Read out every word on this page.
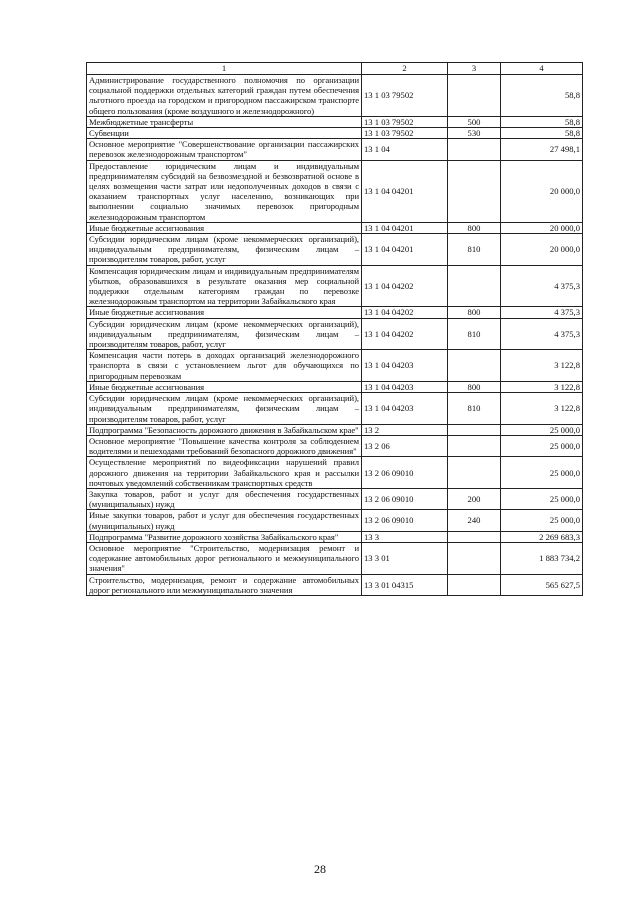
1	2	3	4
Администрирование государственного полномочия по организации социальной поддержки отдельных категорий граждан путем обеспечения льготного проезда на городском и пригородном пассажирском транспорте общего пользования (кроме воздушного и железнодорожного)	13 1 03 79502		58,8
Межбюджетные трансферты	13 1 03 79502	500	58,8
Субвенции	13 1 03 79502	530	58,8
Основное мероприятие "Совершенствование организации пассажирских перевозок железнодорожным транспортом"	13 1 04		27 498,1
Предоставление юридическим лицам и индивидуальным предпринимателям субсидий на безвозмездной и безвозвратной основе в целях возмещения части затрат или недополученных доходов в связи с оказанием транспортных услуг населению, возникающих при выполнении социально значимых перевозок пригородным железнодорожным транспортом	13 1 04 04201		20 000,0
Иные бюджетные ассигнования	13 1 04 04201	800	20 000,0
Субсидии юридическим лицам (кроме некоммерческих организаций), индивидуальным предпринимателям, физическим лицам – производителям товаров, работ, услуг	13 1 04 04201	810	20 000,0
Компенсация юридическим лицам и индивидуальным предпринимателям убытков, образовавшихся в результате оказания мер социальной поддержки отдельным категориям граждан по перевозке железнодорожным транспортом на территории Забайкальского края	13 1 04 04202		4 375,3
Иные бюджетные ассигнования	13 1 04 04202	800	4 375,3
Субсидии юридическим лицам (кроме некоммерческих организаций), индивидуальным предпринимателям, физическим лицам – производителям товаров, работ, услуг	13 1 04 04202	810	4 375,3
Компенсация части потерь в доходах организаций железнодорожного транспорта в связи с установлением льгот для обучающихся по пригородным перевозкам	13 1 04 04203		3 122,8
Иные бюджетные ассигнования	13 1 04 04203	800	3 122,8
Субсидии юридическим лицам (кроме некоммерческих организаций), индивидуальным предпринимателям, физическим лицам – производителям товаров, работ, услуг	13 1 04 04203	810	3 122,8
Подпрограмма "Безопасность дорожного движения в Забайкальском крае"	13 2		25 000,0
Основное мероприятие "Повышение качества контроля за соблюдением водителями и пешеходами требований безопасного дорожного движения"	13 2 06		25 000,0
Осуществление мероприятий по видеофиксации нарушений правил дорожного движения на территории Забайкальского края и рассылки почтовых уведомлений собственникам транспортных средств	13 2 06 09010		25 000,0
Закупка товаров, работ и услуг для обеспечения государственных (муниципальных) нужд	13 2 06 09010	200	25 000,0
Иные закупки товаров, работ и услуг для обеспечения государственных (муниципальных) нужд	13 2 06 09010	240	25 000,0
Подпрограмма "Развитие дорожного хозяйства Забайкальского края"	13 3		2 269 683,3
Основное мероприятие "Строительство, модернизация ремонт и содержание автомобильных дорог регионального и межмуниципального значения"	13 3 01		1 883 734,2
Строительство, модернизация, ремонт и содержание автомобильных дорог регионального или межмуниципального значения	13 3 01 04315		565 627,5
28
